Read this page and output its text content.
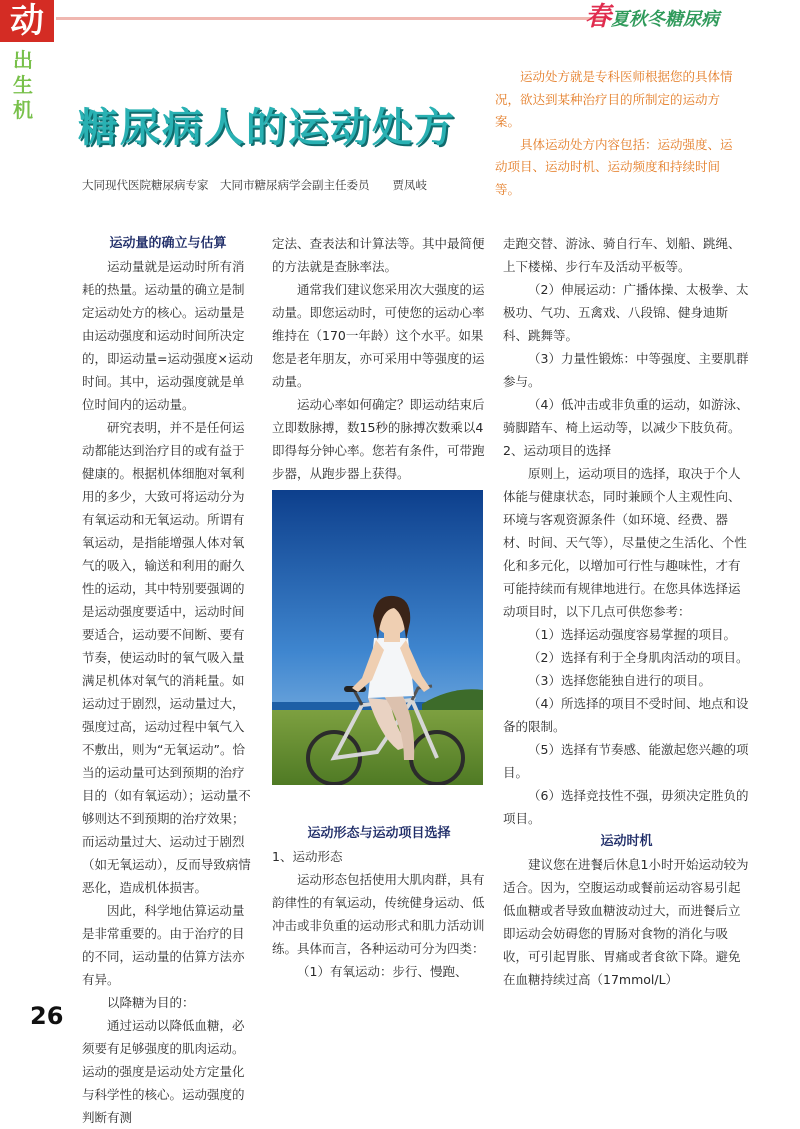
动	春夏秋冬糖尿病
出
生
机 糖尿病人的运动处方
大同现代医院糖尿病专家　大同市糖尿病学会副主任委员　　贾凤岐

运动处方就是专科医师根据您的具体情况，欲达到某种治疗目的所制定的运动方案。

具体运动处方内容包括：运动强度、运动项目、运动时机、运动频度和持续时间等。

运动量的确立与估算

运动量就是运动时所有消耗的热量。运动量的确立是制定运动处方的核心。运动量是由运动强度和运动时间所决定的，即运动量=运动强度×运动时间。其中，运动强度就是单位时间内的运动量。

研究表明，并不是任何运动都能达到治疗目的或有益于健康的。根据机体细胞对氧利用的多少，大致可将运动分为有氧运动和无氧运动。所谓有氧运动，是指能增强人体对氧气的吸入，输送和利用的耐久性的运动，其中特别要强调的是运动强度要适中，运动时间要适合，运动要不间断、要有节奏，使运动时的氧气吸入量满足机体对氧气的消耗量。如运动过于剧烈，运动量过大，强度过高，运动过程中氧气入不敷出，则为“无氧运动”。恰当的运动量可达到预期的治疗目的（如有氧运动）；运动量不够则达不到预期的治疗效果；而运动量过大、运动过于剧烈（如无氧运动），反而导致病情恶化，造成机体损害。

因此，科学地估算运动量是非常重要的。由于治疗的目的不同，运动量的估算方法亦有异。

以降糖为目的：

通过运动以降低血糖，必须要有足够强度的肌肉运动。运动的强度是运动处方定量化与科学性的核心。运动强度的判断有测

定法、查表法和计算法等。其中最简便的方法就是查脉率法。

通常我们建议您采用次大强度的运动量。即您运动时，可使您的运动心率维持在（170一年龄）这个水平。如果您是老年朋友，亦可采用中等强度的运动量。

运动心率如何确定？即运动结束后立即数脉搏，数15秒的脉搏次数乘以4即得每分钟心率。您若有条件，可带跑步器，从跑步器上获得。

运动形态与运动项目选择

1、运动形态

运动形态包括使用大肌肉群，具有韵律性的有氧运动，传统健身运动、低冲击或非负重的运动形式和肌力活动训练。具体而言，各种运动可分为四类：

（1）有氧运动：步行、慢跑、

走跑交替、游泳、骑自行车、划船、跳绳、上下楼梯、步行车及活动平板等。

（2）伸展运动：广播体操、太极拳、太极功、气功、五禽戏、八段锦、健身迪斯科、跳舞等。

（3）力量性锻炼：中等强度、主要肌群参与。

（4）低冲击或非负重的运动，如游泳、骑脚踏车、椅上运动等，以减少下肢负荷。

2、运动项目的选择

原则上，运动项目的选择，取决于个人体能与健康状态，同时兼顾个人主观性向、环境与客观资源条件（如环境、经费、器材、时间、天气等），尽量使之生活化、个性化和多元化，以增加可行性与趣味性，才有可能持续而有规律地进行。在您具体选择运动项目时，以下几点可供您参考：

（1）选择运动强度容易掌握的项目。

（2）选择有利于全身肌肉活动的项目。

（3）选择您能独自进行的项目。

（4）所选择的项目不受时间、地点和设备的限制。

（5）选择有节奏感、能激起您兴趣的项目。

（6）选择竞技性不强，毋须决定胜负的项目。

运动时机

建议您在进餐后休息1小时开始运动较为适合。因为，空腹运动或餐前运动容易引起低血糖或者导致血糖波动过大，而进餐后立即运动会妨碍您的胃肠对食物的消化与吸收，可引起胃胀、胃痛或者食欲下降。避免在血糖持续过高（17mmol/L）

26
